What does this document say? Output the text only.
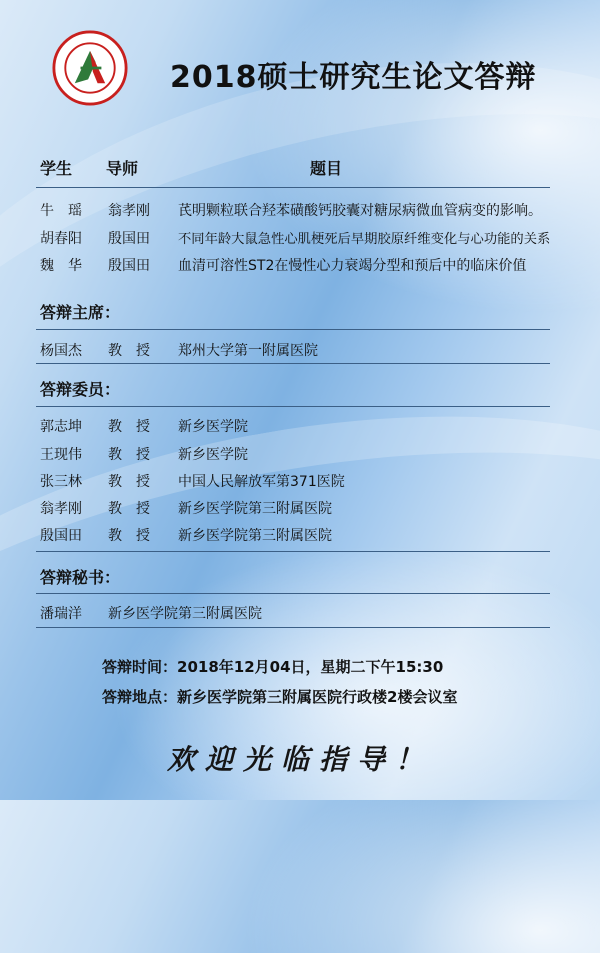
2018硕士研究生论文答辩
学生 导师	题目
牛　瑶 翁孝刚 芪明颗粒联合羟苯磺酸钙胶囊对糖尿病微血管病变的影响。
胡春阳 殷国田 不同年龄大鼠急性心肌梗死后早期胶原纤维变化与心功能的关系
魏　华 殷国田 血清可溶性ST2在慢性心力衰竭分型和预后中的临床价值
答辩主席：
杨国杰 教　授 郑州大学第一附属医院
答辩委员：
郭志坤 教　授 新乡医学院
王现伟 教　授 新乡医学院
张三林 教　授 中国人民解放军第371医院
翁孝刚 教　授 新乡医学院第三附属医院
殷国田 教　授 新乡医学院第三附属医院
答辩秘书：
潘瑞洋 新乡医学院第三附属医院
答辩时间：2018年12月04日，星期二下午15:30
答辩地点：新乡医学院第三附属医院行政楼2楼会议室
欢迎光临指导！
